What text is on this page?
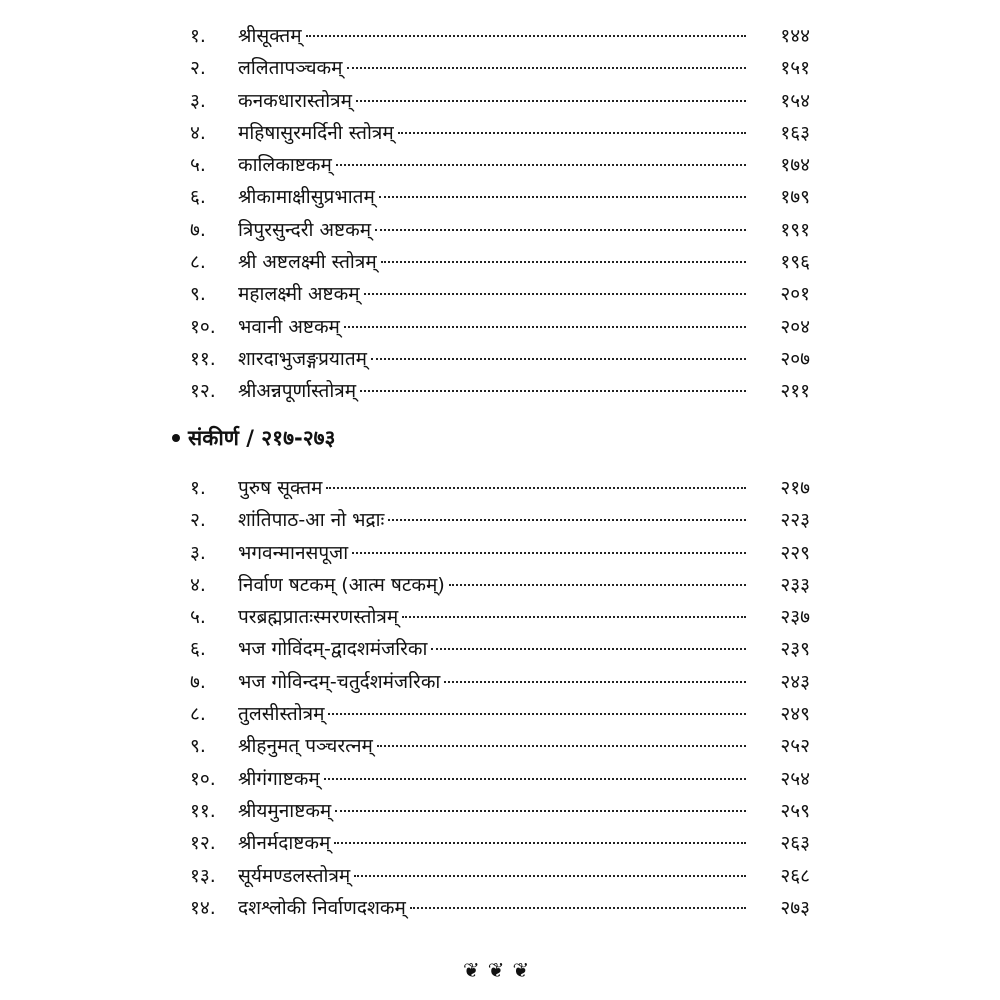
१.	श्रीसूक्तम्	१४४
२.	ललितापञ्चकम्	१५१
३.	कनकधारास्तोत्रम्	१५४
४.	महिषासुरमर्दिनी स्तोत्रम्	१६३
५.	कालिकाष्टकम्	१७४
६.	श्रीकामाक्षीसुप्रभातम्	१७९
७.	त्रिपुरसुन्दरी अष्टकम्	१९१
८.	श्री अष्टलक्ष्मी स्तोत्रम्	१९६
९.	महालक्ष्मी अष्टकम्	२०१
१०.	भवानी अष्टकम्	२०४
११.	शारदाभुजङ्गप्रयातम्	२०७
१२.	श्रीअन्नपूर्णास्तोत्रम्	२११
संकीर्ण / २१७-२७३
१.	पुरुष सूक्तम	२१७
२.	शांतिपाठ-आ नो भद्राः	२२३
३.	भगवन्मानसपूजा	२२९
४.	निर्वाण षटकम् (आत्म षटकम्)	२३३
५.	परब्रह्मप्रातःस्मरणस्तोत्रम्	२३७
६.	भज गोविंदम्-द्वादशमंजरिका	२३९
७.	भज गोविन्दम्-चतुर्दशमंजरिका	२४३
८.	तुलसीस्तोत्रम्	२४९
९.	श्रीहनुमत् पञ्चरत्नम्	२५२
१०.	श्रीगंगाष्टकम्	२५४
११.	श्रीयमुनाष्टकम्	२५९
१२.	श्रीनर्मदाष्टकम्	२६३
१३.	सूर्यमण्डलस्तोत्रम्	२६८
१४.	दशश्लोकी निर्वाणदशकम्	२७३
❦❦❦
